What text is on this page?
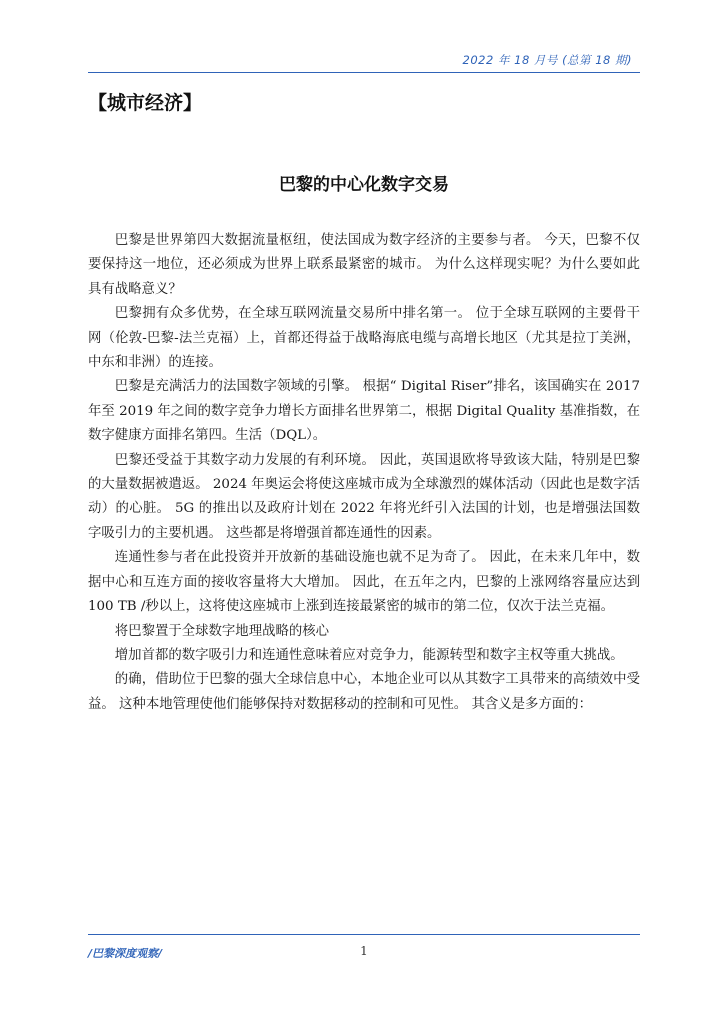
2022 年 18 月号 (总第 18 期)
【城市经济】
巴黎的中心化数字交易

巴黎是世界第四大数据流量枢纽，使法国成为数字经济的主要参与者。 今天，巴黎不仅要保持这一地位，还必须成为世界上联系最紧密的城市。 为什么这样现实呢？为什么要如此具有战略意义？

巴黎拥有众多优势，在全球互联网流量交易所中排名第一。 位于全球互联网的主要骨干网（伦敦-巴黎-法兰克福）上，首都还得益于战略海底电缆与高增长地区（尤其是拉丁美洲，中东和非洲）的连接。

巴黎是充满活力的法国数字领域的引擎。 根据“ Digital Riser”排名，该国确实在 2017 年至 2019 年之间的数字竞争力增长方面排名世界第二，根据 Digital Quality 基准指数，在数字健康方面排名第四。生活（DQL）。

巴黎还受益于其数字动力发展的有利环境。 因此，英国退欧将导致该大陆，特别是巴黎的大量数据被遣返。 2024 年奥运会将使这座城市成为全球激烈的媒体活动（因此也是数字活动）的心脏。 5G 的推出以及政府计划在 2022 年将光纤引入法国的计划，也是增强法国数字吸引力的主要机遇。 这些都是将增强首都连通性的因素。

连通性参与者在此投资并开放新的基础设施也就不足为奇了。 因此，在未来几年中，数据中心和互连方面的接收容量将大大增加。 因此，在五年之内，巴黎的上涨网络容量应达到 100 TB /秒以上，这将使这座城市上涨到连接最紧密的城市的第二位，仅次于法兰克福。

将巴黎置于全球数字地理战略的核心

增加首都的数字吸引力和连通性意味着应对竞争力，能源转型和数字主权等重大挑战。

的确，借助位于巴黎的强大全球信息中心，本地企业可以从其数字工具带来的高绩效中受益。 这种本地管理使他们能够保持对数据移动的控制和可见性。 其含义是多方面的：

/巴黎深度观察/	1
